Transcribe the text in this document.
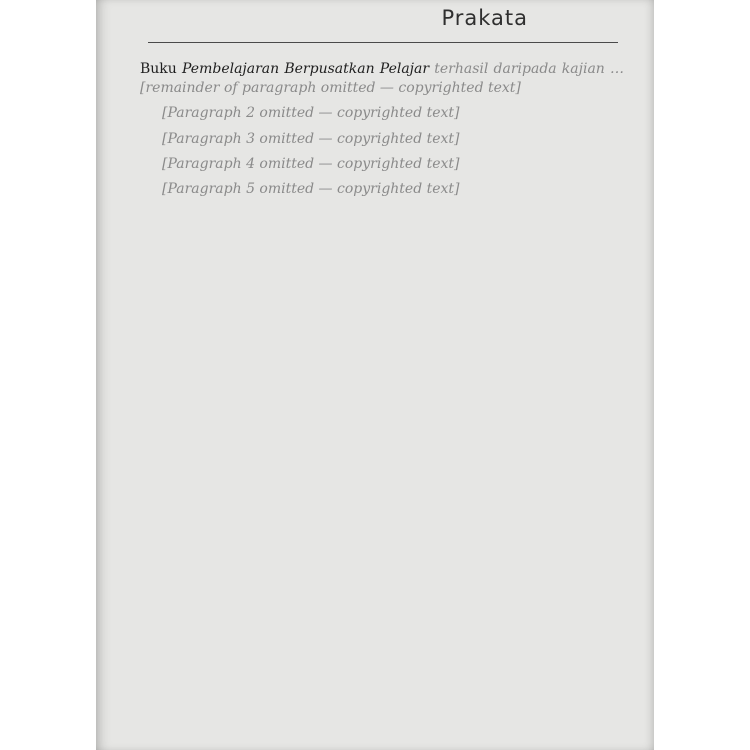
Prakata

Buku Pembelajaran Berpusatkan Pelajar terhasil daripada kajian … [remainder of paragraph omitted — copyrighted text]

[Paragraph 2 omitted — copyrighted text]

[Paragraph 3 omitted — copyrighted text]

[Paragraph 4 omitted — copyrighted text]

[Paragraph 5 omitted — copyrighted text]
